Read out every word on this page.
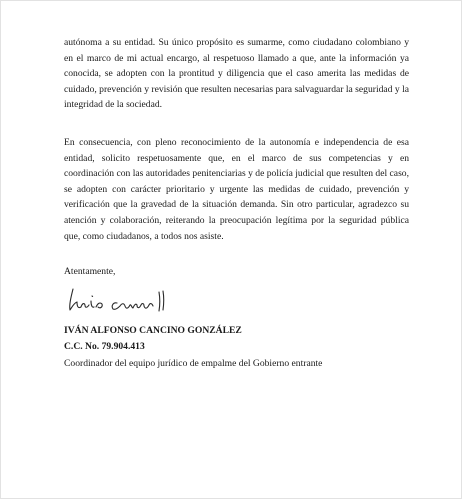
autónoma a su entidad. Su único propósito es sumarme, como ciudadano colombiano y en el marco de mi actual encargo, al respetuoso llamado a que, ante la información ya conocida, se adopten con la prontitud y diligencia que el caso amerita las medidas de cuidado, prevención y revisión que resulten necesarias para salvaguardar la seguridad y la integridad de la sociedad.

En consecuencia, con pleno reconocimiento de la autonomía e independencia de esa entidad, solicito respetuosamente que, en el marco de sus competencias y en coordinación con las autoridades penitenciarias y de policía judicial que resulten del caso, se adopten con carácter prioritario y urgente las medidas de cuidado, prevención y verificación que la gravedad de la situación demanda. Sin otro particular, agradezco su atención y colaboración, reiterando la preocupación legítima por la seguridad pública que, como ciudadanos, a todos nos asiste.

Atentamente,

IVÁN ALFONSO CANCINO GONZÁLEZ

C.C. No. 79.904.413

Coordinador del equipo jurídico de empalme del Gobierno entrante
